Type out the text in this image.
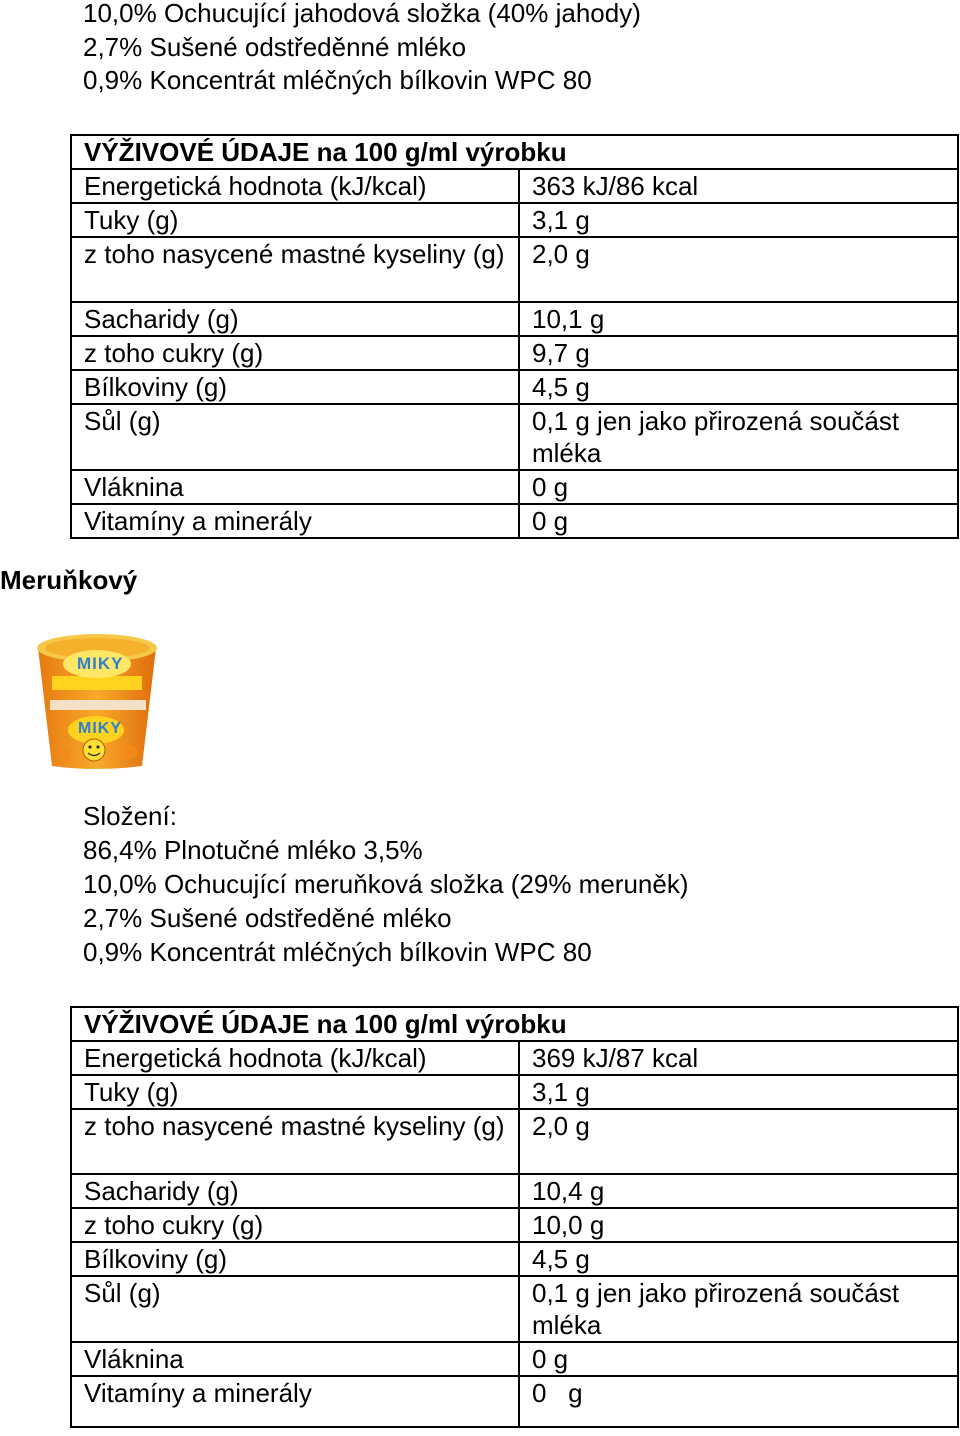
10,0% Ochucující jahodová složka (40% jahody)
2,7% Sušené odstředěnné mléko
0,9% Koncentrát mléčných bílkovin WPC 80
VÝŽIVOVÉ ÚDAJE na 100 g/ml výrobku	
Energetická hodnota (kJ/kcal)	363 kJ/86 kcal
Tuky (g)	3,1 g
z toho nasycené mastné kyseliny (g)	2,0 g
Sacharidy (g)	10,1 g
z toho cukry (g)	9,7 g
Bílkoviny (g)	4,5 g
Sůl (g)	0,1 g jen jako přirozená součást mléka
Vláknina	0 g
Vitamíny a minerály	0 g
Meruňkový
MIKY
MIKY
Složení:
86,4% Plnotučné mléko 3,5%
10,0% Ochucující meruňková složka (29% meruněk)
2,7% Sušené odstředěné mléko
0,9% Koncentrát mléčných bílkovin WPC 80
VÝŽIVOVÉ ÚDAJE na 100 g/ml výrobku	
Energetická hodnota (kJ/kcal)	369 kJ/87 kcal
Tuky (g)	3,1 g
z toho nasycené mastné kyseliny (g)	2,0 g
Sacharidy (g)	10,4 g
z toho cukry (g)	10,0 g
Bílkoviny (g)	4,5 g
Sůl (g)	0,1 g jen jako přirozená součást mléka
Vláknina	0 g
Vitamíny a minerály	0   g
